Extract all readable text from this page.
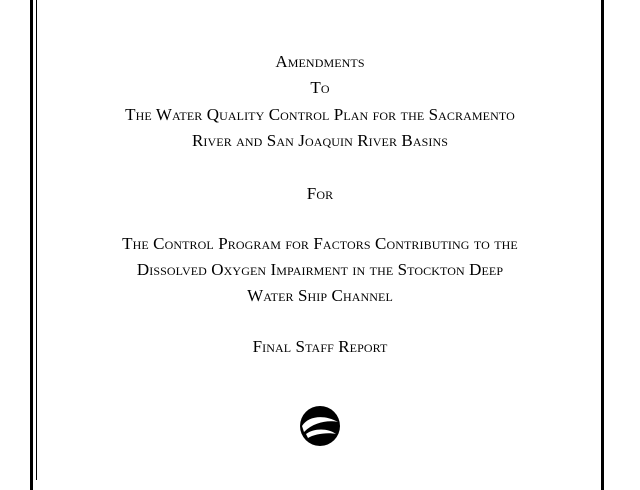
Amendments
To
The Water Quality Control Plan for the Sacramento
River and San Joaquin River Basins
For
The Control Program for Factors Contributing to the
Dissolved Oxygen Impairment in the Stockton Deep
Water Ship Channel
Final Staff Report
